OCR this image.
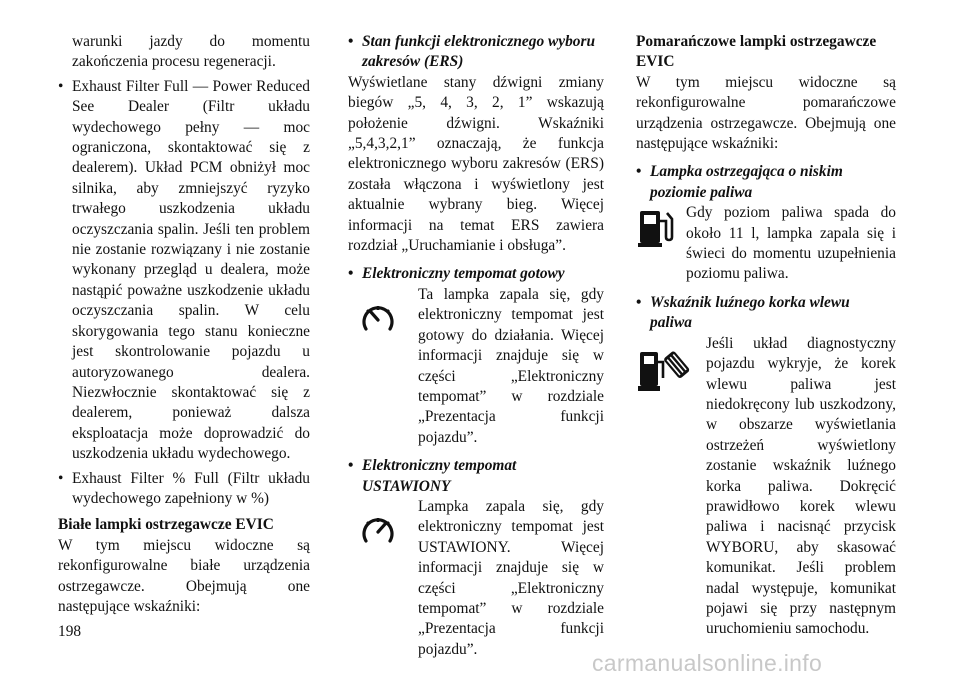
warunki jazdy do momentu zakończenia procesu regeneracji.

• Exhaust Filter Full — Power Reduced See Dealer (Filtr układu wydechowego pełny — moc ograniczona, skontaktować się z dealerem). Układ PCM obniżył moc silnika, aby zmniejszyć ryzyko trwałego uszkodzenia układu oczyszczania spalin. Jeśli ten problem nie zostanie rozwiązany i nie zostanie wykonany przegląd u dealera, może nastąpić poważne uszkodzenie układu oczyszczania spalin. W celu skorygowania tego stanu konieczne jest skontrolowanie pojazdu u autoryzowanego dealera. Niezwłocznie skontaktować się z dealerem, ponieważ dalsza eksploatacja może doprowadzić do uszkodzenia układu wydechowego.
• Exhaust Filter % Full (Filtr układu wydechowego zapełniony w %)

Białe lampki ostrzegawcze EVIC

W tym miejscu widoczne są rekonfigurowalne białe urządzenia ostrzegawcze. Obejmują one następujące wskaźniki:

• Stan funkcji elektronicznego wyboru
zakresów (ERS)

Wyświetlane stany dźwigni zmiany biegów „5, 4, 3, 2, 1” wskazują położenie dźwigni. Wskaźniki „5,4,3,2,1” oznaczają, że funkcja elektronicznego wyboru zakresów (ERS) została włączona i wyświetlony jest aktualnie wybrany bieg. Więcej informacji na temat ERS zawiera rozdział „Uruchamianie i obsługa”.

• Elektroniczny tempomat gotowy

Ta lampka zapala się, gdy elektroniczny tempomat jest gotowy do działania. Więcej informacji znajduje się w części „Elektroniczny tempomat” w rozdziale „Prezentacja funkcji pojazdu”.

• Elektroniczny tempomat
USTAWIONY

Lampka zapala się, gdy elektroniczny tempomat jest USTAWIONY. Więcej informacji znajduje się w części „Elektroniczny tempomat” w rozdziale „Prezentacja funkcji pojazdu”.

Pomarańczowe lampki ostrzegawcze
EVIC

W tym miejscu widoczne są rekonfigurowalne pomarańczowe urządzenia ostrzegawcze. Obejmują one następujące wskaźniki:

• Lampka ostrzegająca o niskim
poziomie paliwa

Gdy poziom paliwa spada do około 11 l, lampka zapala się i świeci do momentu uzupełnienia poziomu paliwa.

• Wskaźnik luźnego korka wlewu
paliwa

Jeśli układ diagnostyczny pojazdu wykryje, że korek wlewu paliwa jest niedokręcony lub uszkodzony, w obszarze wyświetlania ostrzeżeń wyświetlony zostanie wskaźnik luźnego korka paliwa. Dokręcić prawidłowo korek wlewu paliwa i nacisnąć przycisk WYBORU, aby skasować komunikat. Jeśli problem nadal występuje, komunikat pojawi się przy następnym uruchomieniu samochodu.

198
carmanualsonline.info
